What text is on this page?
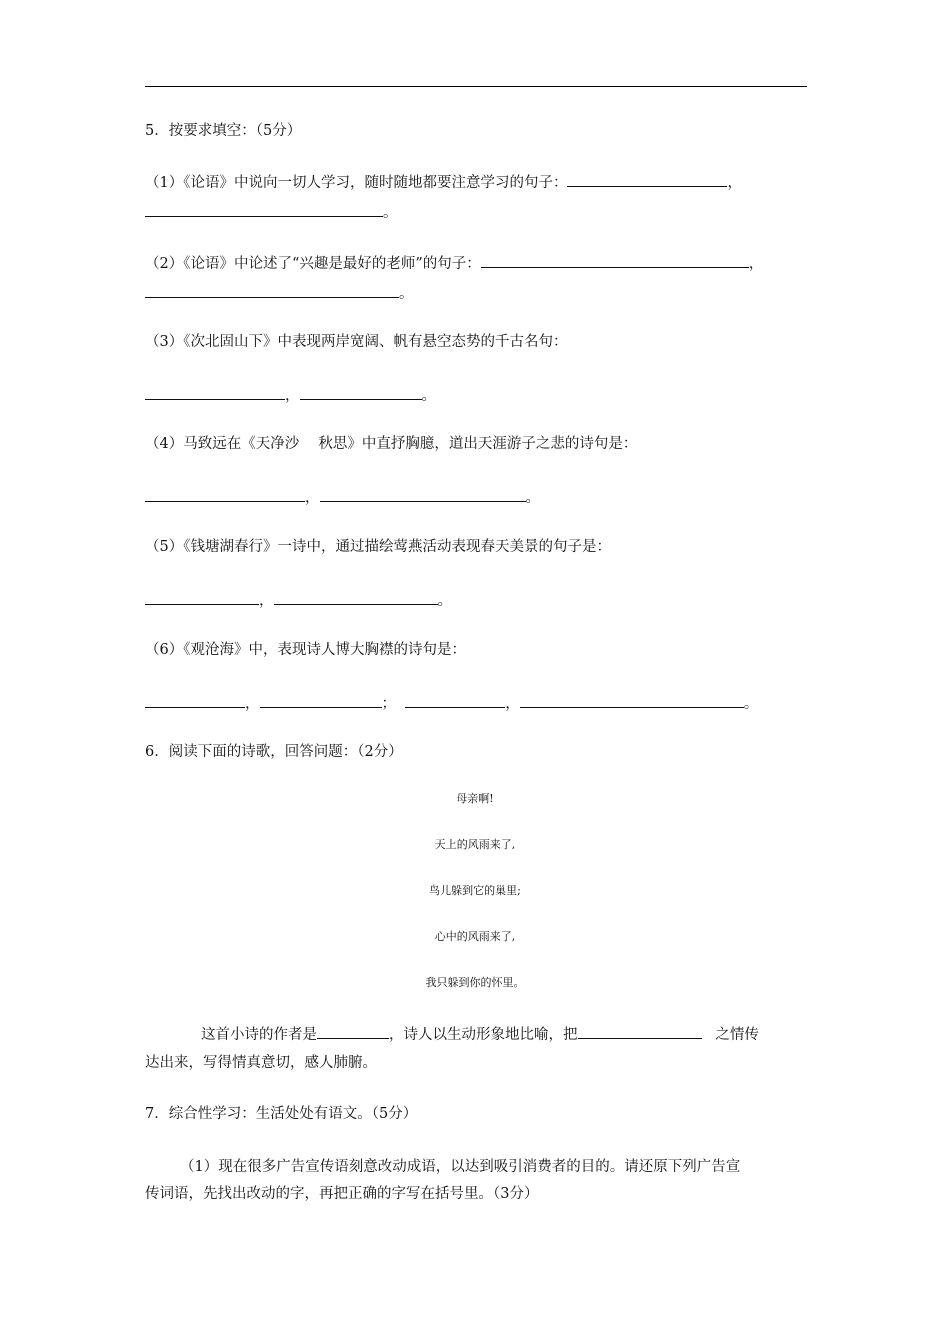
5．按要求填空：（5分）
（1）《论语》中说向一切人学习，随时随地都要注意学习的句子：	，
。
（2）《论语》中论述了“兴趣是最好的老师”的句子：	，
。
（3）《次北固山下》中表现两岸宽阔、帆有悬空态势的千古名句：
，	。
（4）马致远在《天净沙　 秋思》中直抒胸臆，道出天涯游子之悲的诗句是：
，	。
（5）《钱塘湖春行》一诗中，通过描绘莺燕活动表现春天美景的句子是：
，	。
（6）《观沧海》中，表现诗人博大胸襟的诗句是：
，	；	，	。
6．阅读下面的诗歌，回答问题：（2分）
母亲啊!
天上的风雨来了,
鸟儿躲到它的巢里;
心中的风雨来了,
我只躲到你的怀里。
这首小诗的作者是	，诗人以生动形象地比喻，把	之情传
达出来，写得情真意切，感人肺腑。
7．综合性学习：生活处处有语文。（5分）
（1）现在很多广告宣传语刻意改动成语，以达到吸引消费者的目的。请还原下列广告宣
传词语，先找出改动的字，再把正确的字写在括号里。（3分）
